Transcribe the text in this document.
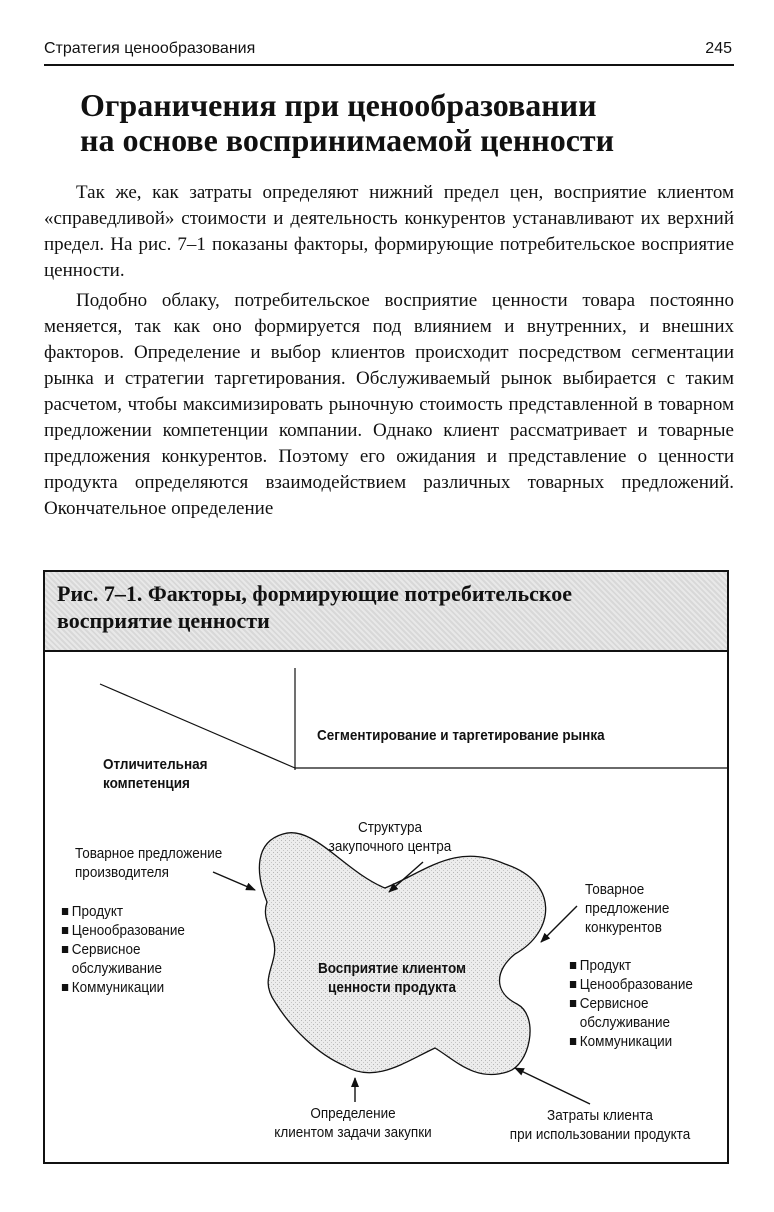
Стратегия ценообразования	245
Ограничения при ценообразовании
на основе воспринимаемой ценности

Так же, как затраты определяют нижний предел цен, восприятие клиентом «справедливой» стоимости и деятельность конкурентов устанавливают их верхний предел. На рис. 7–1 показаны факторы, формирующие потребительское восприятие ценности.

Подобно облаку, потребительское восприятие ценности товара постоянно меняется, так как оно формируется под влиянием и внутренних, и внешних факторов. Определение и выбор клиентов происходит посредством сегментации рынка и стратегии таргетирования. Обслуживаемый рынок выбирается с таким расчетом, чтобы максимизировать рыночную стоимость представленной в товарном предложении компетенции компании. Однако клиент рассматривает и товарные предложения конкурентов. Поэтому его ожидания и представление о ценности продукта определяются взаимодействием различных товарных предложений. Окончательное определение

Рис. 7–1. Факторы, формирующие потребительское
восприятие ценности
Сегментирование и таргетирование рынка
Отличительная
компетенция
Структура
закупочного центра
Товарное предложение
производителя
Продукт
Ценообразование
Сервисное
обслуживание
Коммуникации
Товарное
предложение
конкурентов
Продукт
Ценообразование
Сервисное
обслуживание
Коммуникации
Восприятие клиентом
ценности продукта
Определение
клиентом задачи закупки
Затраты клиента
при использовании продукта
